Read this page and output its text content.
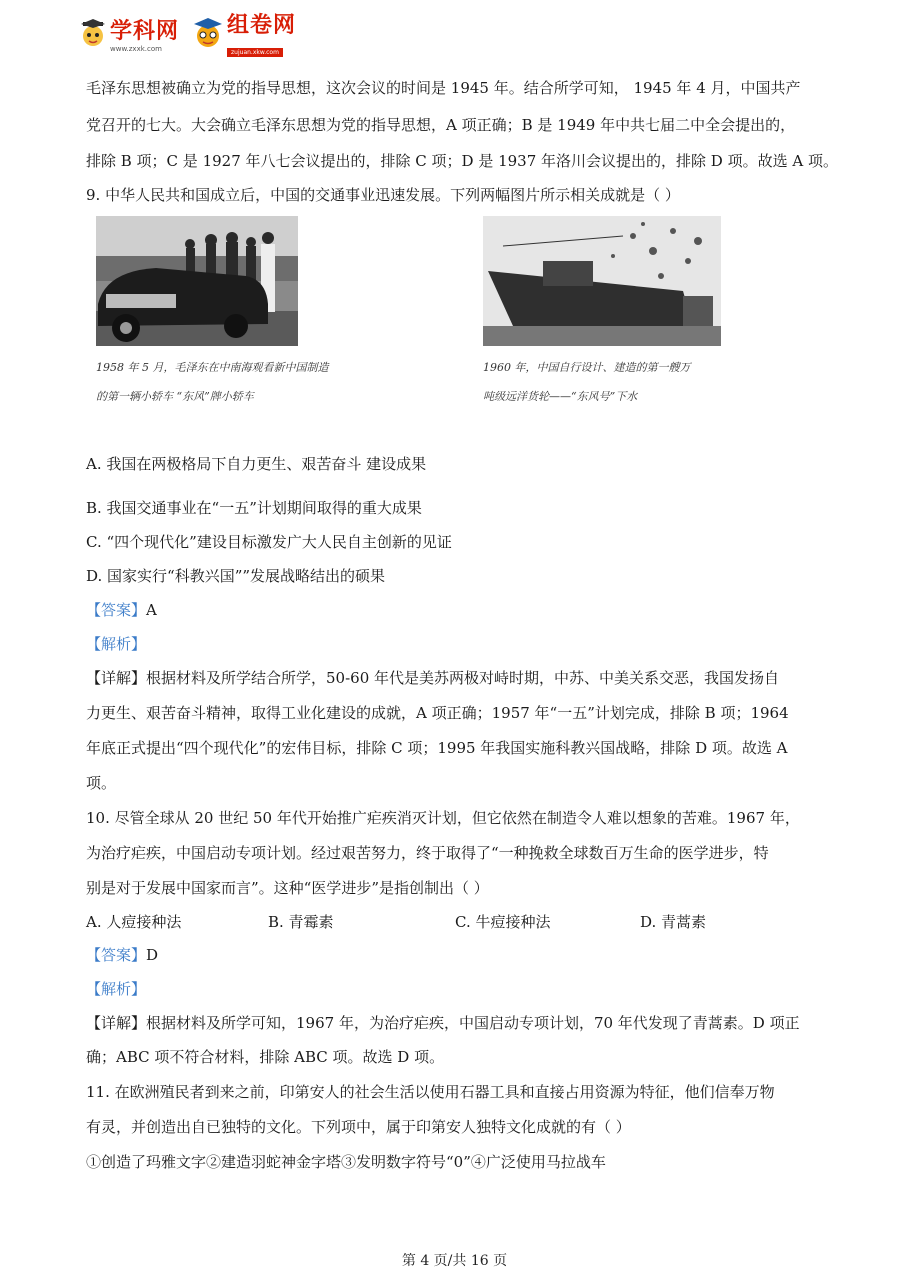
学科网
www.zxxk.com
组卷网
zujuan.xkw.com
毛泽东思想被确立为党的指导思想，这次会议的时间是 1945 年。结合所学可知， 1945 年 4 月，中国共产
党召开的七大。大会确立毛泽东思想为党的指导思想，A 项正确；B 是 1949 年中共七届二中全会提出的，
排除 B 项；C 是 1927 年八七会议提出的，排除 C 项；D 是 1937 年洛川会议提出的，排除 D 项。故选 A 项。
9. 中华人民共和国成立后，中国的交通事业迅速发展。下列两幅图片所示相关成就是（ ）
1958 年 5 月，毛泽东在中南海观看新中国制造
的第一辆小轿车 “东风”牌小轿车
1960 年，中国自行设计、建造的第一艘万
吨级远洋货轮——“东风号”下水
A. 我国在两极格局下自力更生、艰苦奋斗 建设成果
B. 我国交通事业在“一五”计划期间取得的重大成果
C. “四个现代化”建设目标激发广大人民自主创新的见证
D. 国家实行“科教兴国””发展战略结出的硕果
【答案】A
【解析】
【详解】根据材料及所学结合所学，50-60 年代是美苏两极对峙时期，中苏、中美关系交恶，我国发扬自
力更生、艰苦奋斗精神，取得工业化建设的成就，A 项正确；1957 年“一五”计划完成，排除 B 项；1964
年底正式提出“四个现代化”的宏伟目标，排除 C 项；1995 年我国实施科教兴国战略，排除 D 项。故选 A
项。
10. 尽管全球从 20 世纪 50 年代开始推广疟疾消灭计划，但它依然在制造令人难以想象的苦难。1967 年，
为治疗疟疾，中国启动专项计划。经过艰苦努力，终于取得了“一种挽救全球数百万生命的医学进步，特
别是对于发展中国家而言”。这种“医学进步”是指创制出（ ）
A. 人痘接种法	B. 青霉素	C. 牛痘接种法	D. 青蒿素
【答案】D
【解析】
【详解】根据材料及所学可知，1967 年，为治疗疟疾，中国启动专项计划，70 年代发现了青蒿素。D 项正
确；ABC 项不符合材料，排除 ABC 项。故选 D 项。
11. 在欧洲殖民者到来之前，印第安人的社会生活以使用石器工具和直接占用资源为特征，他们信奉万物
有灵，并创造出自已独特的文化。下列项中，属于印第安人独特文化成就的有（ ）
①创造了玛雅文字②建造羽蛇神金字塔③发明数字符号“0”④广泛使用马拉战车
第 4 页/共 16 页
